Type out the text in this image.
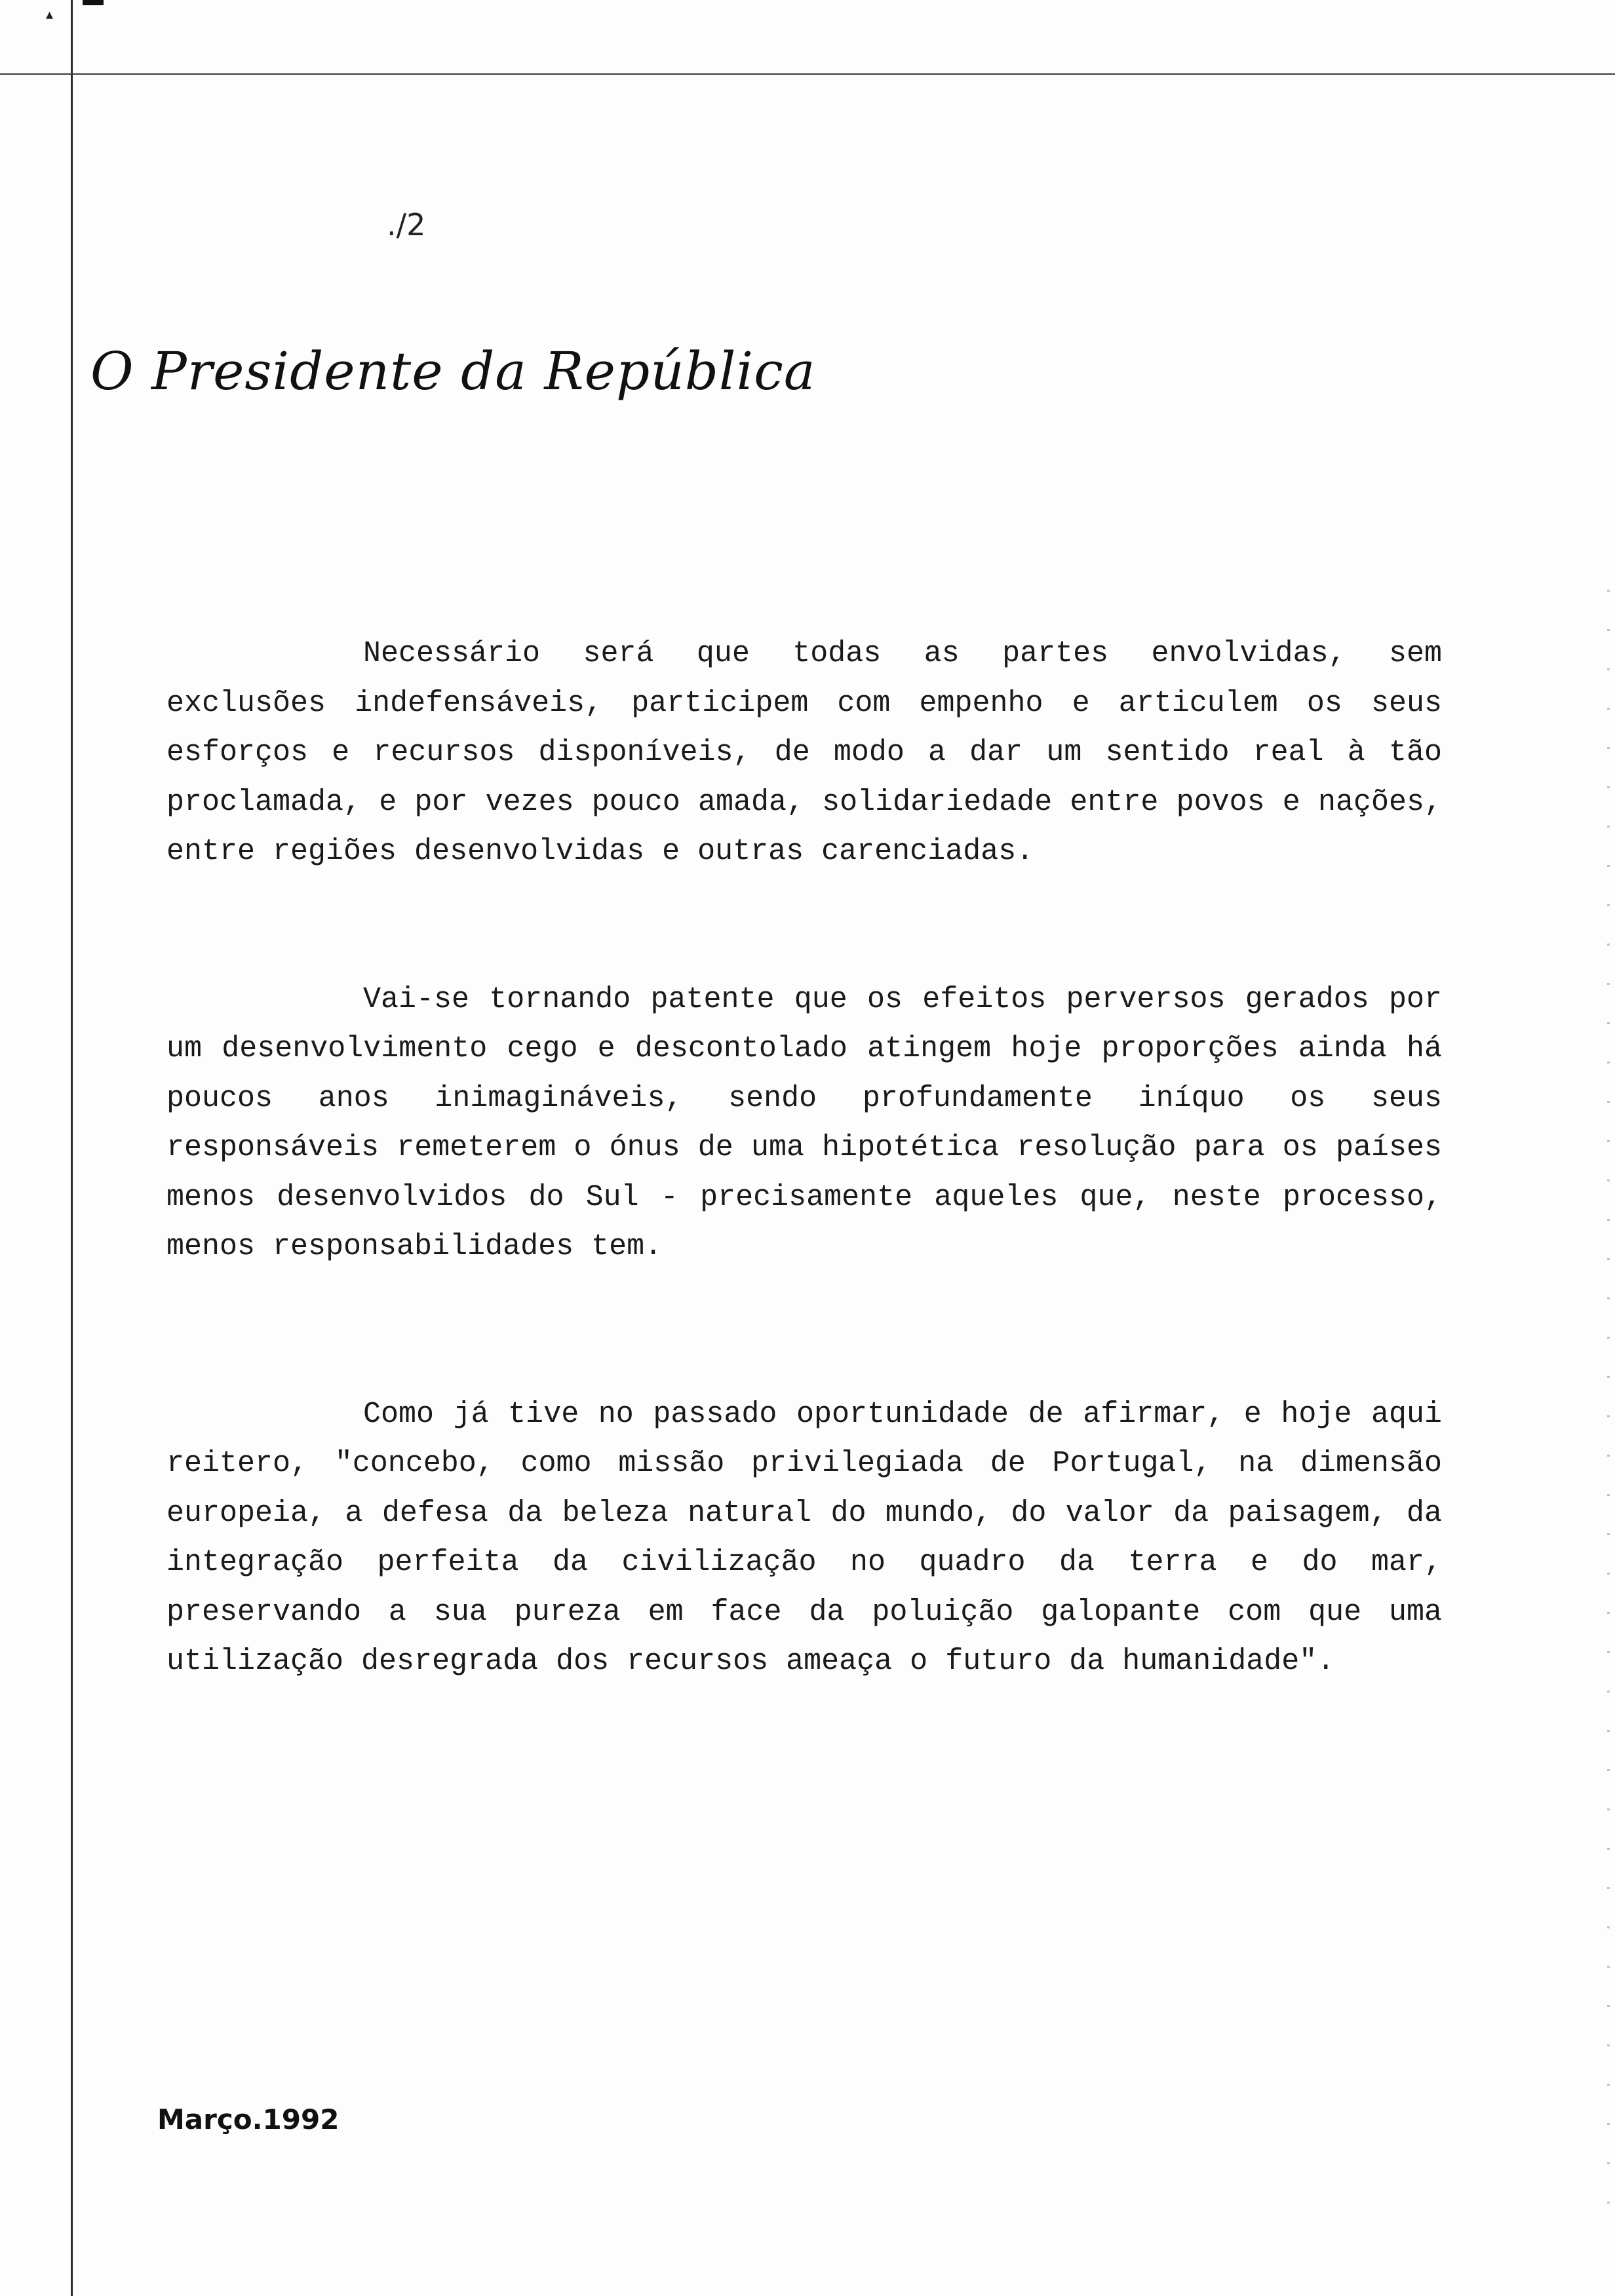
▴
./2
O Presidente da República

Necessário será que todas as partes envolvidas, sem exclusões indefensáveis, participem com empenho e articulem os seus esforços e recursos disponíveis, de modo a dar um sentido real à tão proclamada, e por vezes pouco amada, solidariedade entre povos e nações, entre regiões desenvolvidas e outras carenciadas.

Vai-se tornando patente que os efeitos perversos gerados por um desenvolvimento cego e descontolado atingem hoje proporções ainda há poucos anos inimagináveis, sendo profundamente iníquo os seus responsáveis remeterem o ónus de uma hipotética resolução para os países menos desenvolvidos do Sul - precisamente aqueles que, neste processo, menos responsabilidades tem.

Como já tive no passado oportunidade de afirmar, e hoje aqui reitero, "concebo, como missão privilegiada de Portugal, na dimensão europeia, a defesa da beleza natural do mundo, do valor da paisagem, da integração perfeita da civilização no quadro da terra e do mar, preservando a sua pureza em face da poluição galopante com que uma utilização desregrada dos recursos ameaça o futuro da humanidade".

Março.1992
